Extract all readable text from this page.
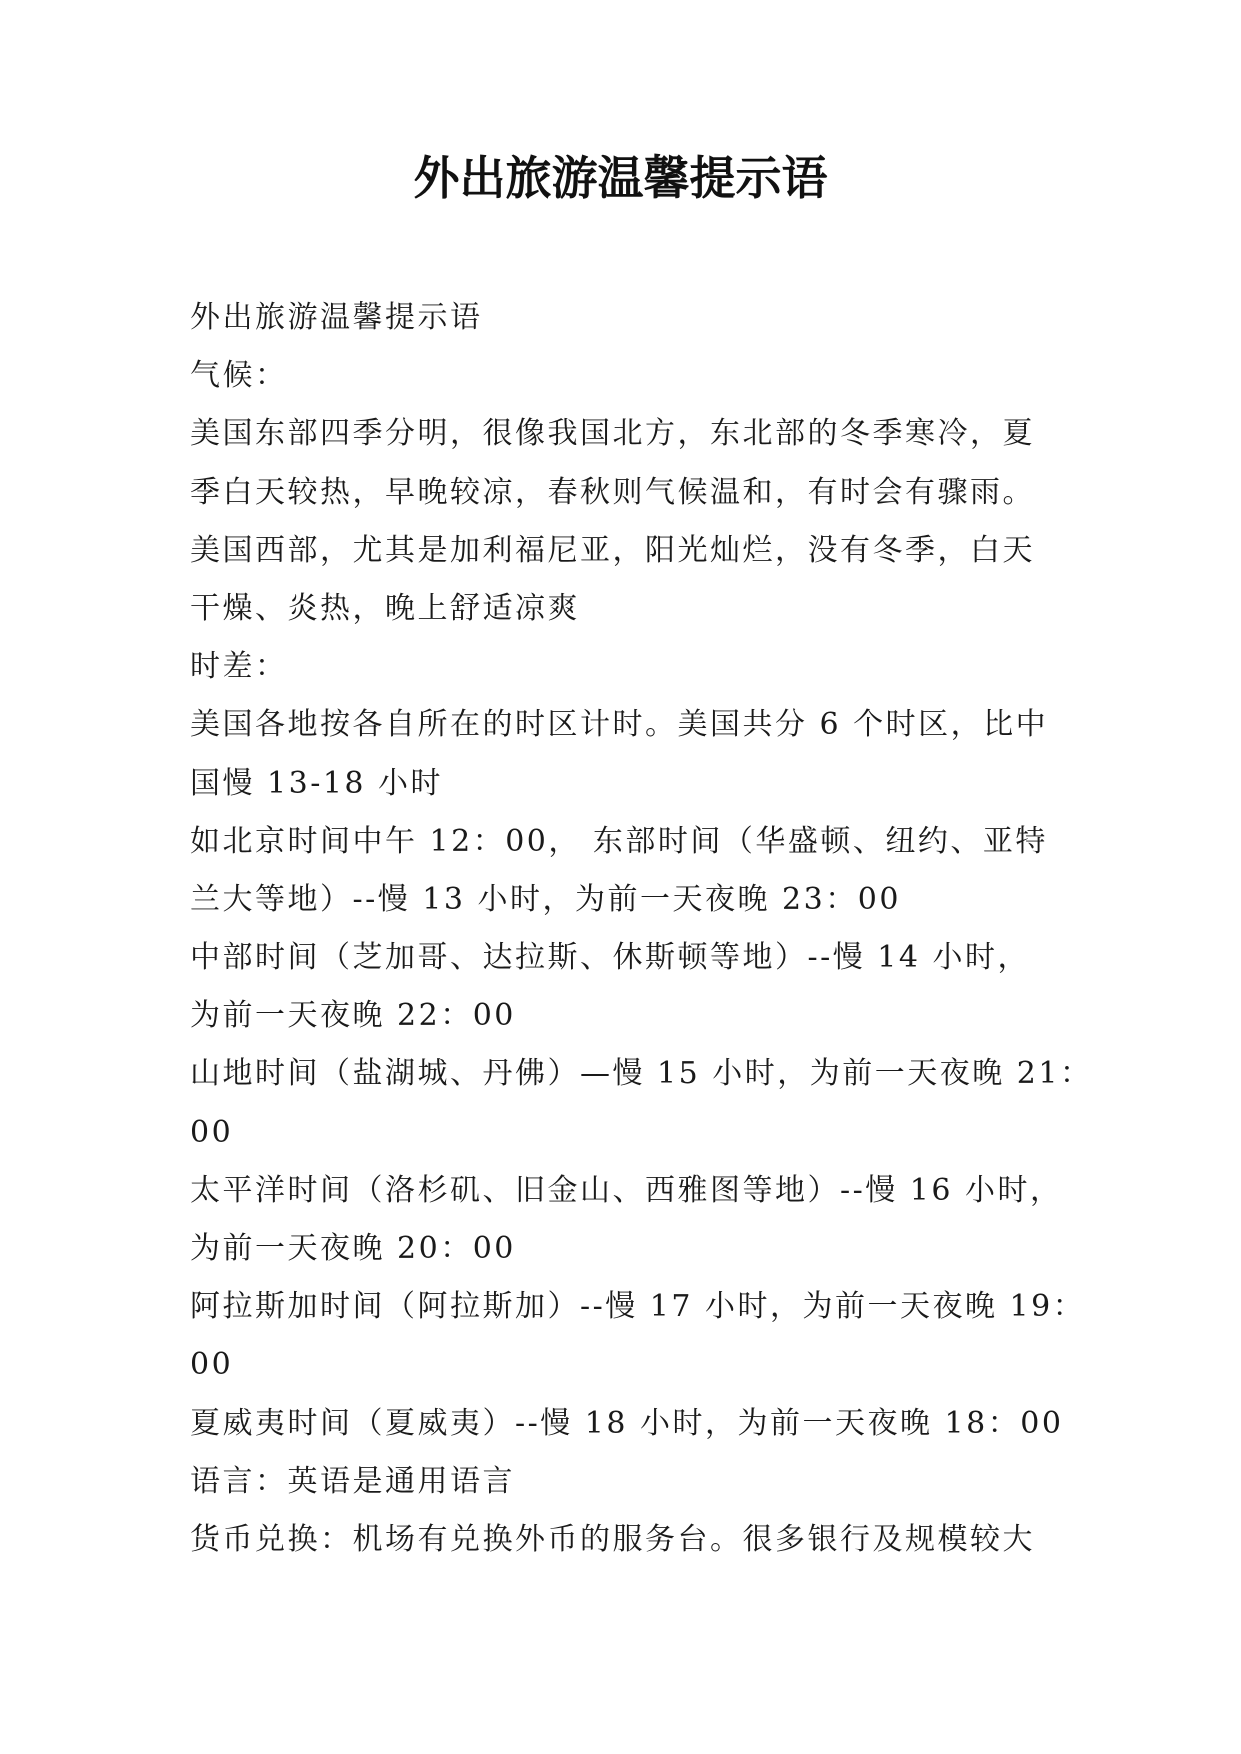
外出旅游温馨提示语

外出旅游温馨提示语

气候：

美国东部四季分明，很像我国北方，东北部的冬季寒冷，夏

季白天较热，早晚较凉，春秋则气候温和，有时会有骤雨。

美国西部，尤其是加利福尼亚，阳光灿烂，没有冬季，白天

干燥、炎热，晚上舒适凉爽

时差：

美国各地按各自所在的时区计时。美国共分 6 个时区，比中

国慢 13-18 小时

如北京时间中午 12：00， 东部时间（华盛顿、纽约、亚特

兰大等地）--慢 13 小时，为前一天夜晚 23：00

中部时间（芝加哥、达拉斯、休斯顿等地）--慢 14 小时，

为前一天夜晚 22：00

山地时间（盐湖城、丹佛）—慢 15 小时，为前一天夜晚 21：

00

太平洋时间（洛杉矶、旧金山、西雅图等地）--慢 16 小时，

为前一天夜晚 20：00

阿拉斯加时间（阿拉斯加）--慢 17 小时，为前一天夜晚 19：

00

夏威夷时间（夏威夷）--慢 18 小时，为前一天夜晚 18：00

语言：英语是通用语言

货币兑换：机场有兑换外币的服务台。很多银行及规模较大
